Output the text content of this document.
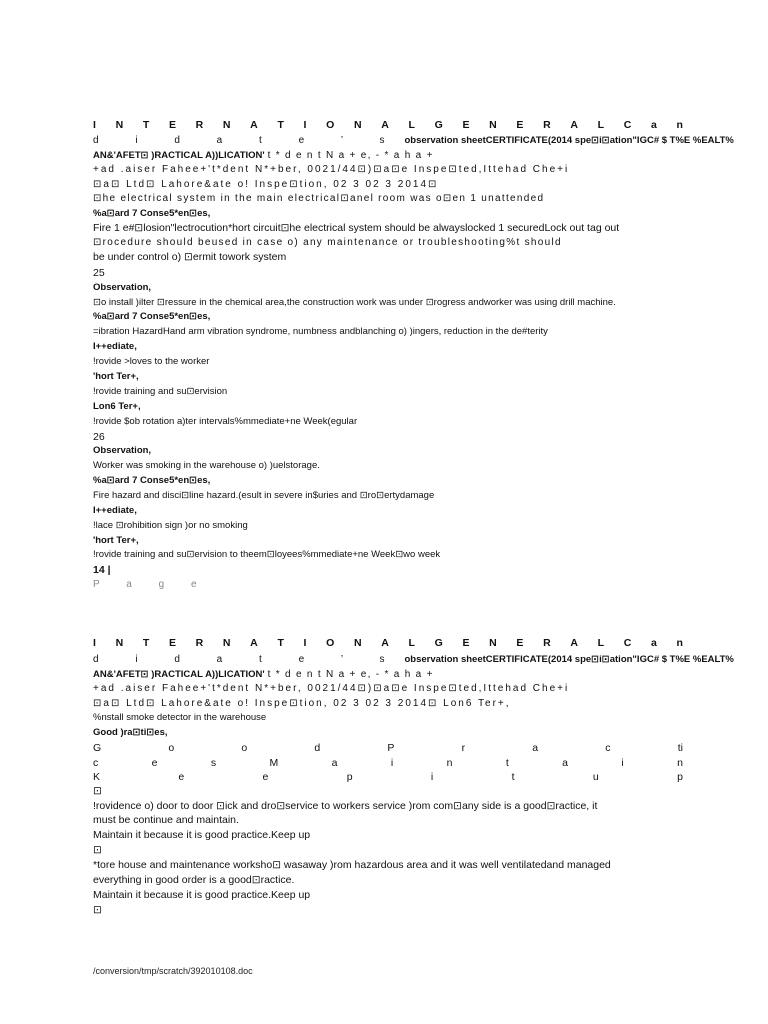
I N T E R N A T I O N A L G E N E R A L C a n
d i d a t e ’ s observation sheetCERTIFICATE(2014 spe⊡i⊡ation"IGC# $ T%E %EALT%
AN&'AFET⊡ )RACTICAL A))LICATION' t * d e n t N a + e, - * a h a +
+ad .aiser Fahee+'t*dent N*+ber, 0021/44⊡)⊡a⊡e Inspe⊡ted,Ittehad Che+i
⊡a⊡ Ltd⊡ Lahore&ate o! Inspe⊡tion, 02 3 02 3 2014⊡
⊡he electrical system in the main electrical⊡anel room was o⊡en 1 unattended
%a⊡ard 7 Conse5*en⊡es,
Fire 1 e#⊡losion"lectrocution*hort circuit⊡he electrical system should be alwayslocked 1 securedLock out tag out
⊡rocedure should beused in case o) any maintenance or troubleshooting%t should
be under control o) ⊡ermit towork system
25
Observation,
⊡o install )ilter ⊡ressure in the chemical area,the construction work was under ⊡rogress andworker was using drill machine.
%a⊡ard 7 Conse5*en⊡es,
=ibration HazardHand arm vibration syndrome, numbness andblanching o) )ingers, reduction in the de#terity
I++ediate,
!rovide >loves to the worker
'hort Ter+,
!rovide training and su⊡ervision
Lon6 Ter+,
!rovide $ob rotation a)ter intervals%mmediate+ne Week(egular
26
Observation,
Worker was smoking in the warehouse o) )uelstorage.
%a⊡ard 7 Conse5*en⊡es,
Fire hazard and disci⊡line hazard.(esult in severe in$uries and ⊡ro⊡ertydamage
I++ediate,
!lace ⊡rohibition sign )or no smoking
'hort Ter+,
!rovide training and su⊡ervision to theem⊡loyees%mmediate+ne Week⊡wo week
14 |
P a g e
I N T E R N A T I O N A L G E N E R A L C a n
d i d a t e ’ s observation sheetCERTIFICATE(2014 spe⊡i⊡ation"IGC# $ T%E %EALT%
AN&'AFET⊡ )RACTICAL A))LICATION' t * d e n t N a + e, - * a h a +
+ad .aiser Fahee+'t*dent N*+ber, 0021/44⊡)⊡a⊡e Inspe⊡ted,Ittehad Che+i
⊡a⊡ Ltd⊡ Lahore&ate o! Inspe⊡tion, 02 3 02 3 2014⊡ Lon6 Ter+,
%nstall smoke detector in the warehouse
Good )ra⊡ti⊡es,
G	o	o	d	P	r	a	c	ti
c	e	s	M	a	i	n	t	a	i	n
K	e	e	p	i	t	u	p
⊡
!rovidence o) door to door ⊡ick and dro⊡service to workers service )rom com⊡any side is a good⊡ractice, it
must be continue and maintain.
Maintain it because it is good practice.Keep up
⊡
*tore house and maintenance worksho⊡ wasaway )rom hazardous area and it was well ventilatedand managed
everything in good order is a good⊡ractice.
Maintain it because it is good practice.Keep up
⊡
/conversion/tmp/scratch/392010108.doc
